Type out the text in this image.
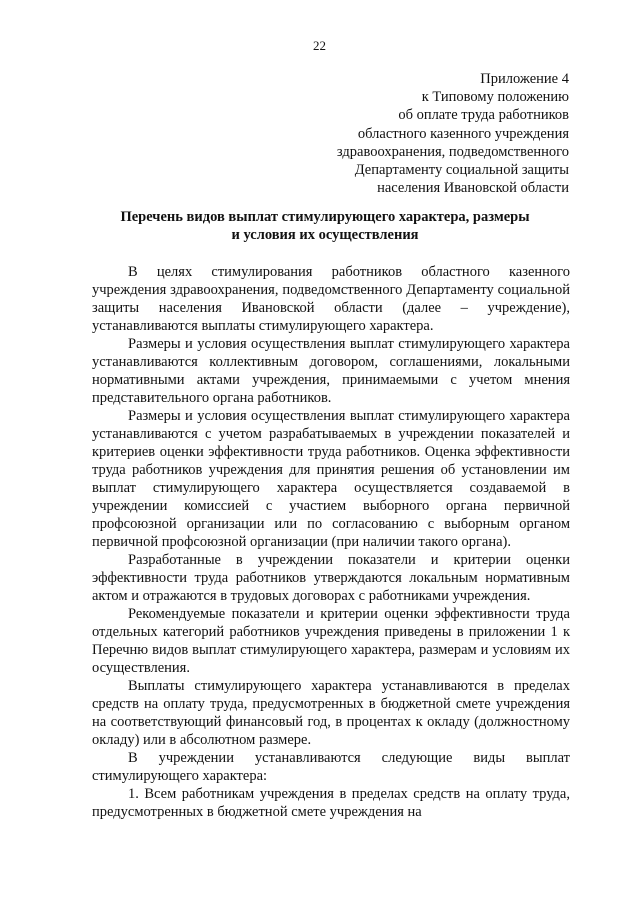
22
Приложение 4
к Типовому положению
об оплате труда работников
областного казенного учреждения
здравоохранения, подведомственного
Департаменту социальной защиты
населения Ивановской области
Перечень видов выплат стимулирующего характера, размеры
и условия их осуществления

В целях стимулирования работников областного казенного учреждения здравоохранения, подведомственного Департаменту социальной защиты населения Ивановской области (далее – учреждение), устанавливаются выплаты стимулирующего характера.

Размеры и условия осуществления выплат стимулирующего характера устанавливаются коллективным договором, соглашениями, локальными нормативными актами учреждения, принимаемыми с учетом мнения представительного органа работников.

Размеры и условия осуществления выплат стимулирующего характера устанавливаются с учетом разрабатываемых в учреждении показателей и критериев оценки эффективности труда работников. Оценка эффективности труда работников учреждения для принятия решения об установлении им выплат стимулирующего характера осуществляется создаваемой в учреждении комиссией с участием выборного органа первичной профсоюзной организации или по согласованию с выборным органом первичной профсоюзной организации (при наличии такого органа).

Разработанные в учреждении показатели и критерии оценки эффективности труда работников утверждаются локальным нормативным актом и отражаются в трудовых договорах с работниками учреждения.

Рекомендуемые показатели и критерии оценки эффективности труда отдельных категорий работников учреждения приведены в приложении 1 к Перечню видов выплат стимулирующего характера, размерам и условиям их осуществления.

Выплаты стимулирующего характера устанавливаются в пределах средств на оплату труда, предусмотренных в бюджетной смете учреждения на соответствующий финансовый год, в процентах к окладу (должностному окладу) или в абсолютном размере.

В учреждении устанавливаются следующие виды выплат стимулирующего характера:

1. Всем работникам учреждения в пределах средств на оплату труда, предусмотренных в бюджетной смете учреждения на
